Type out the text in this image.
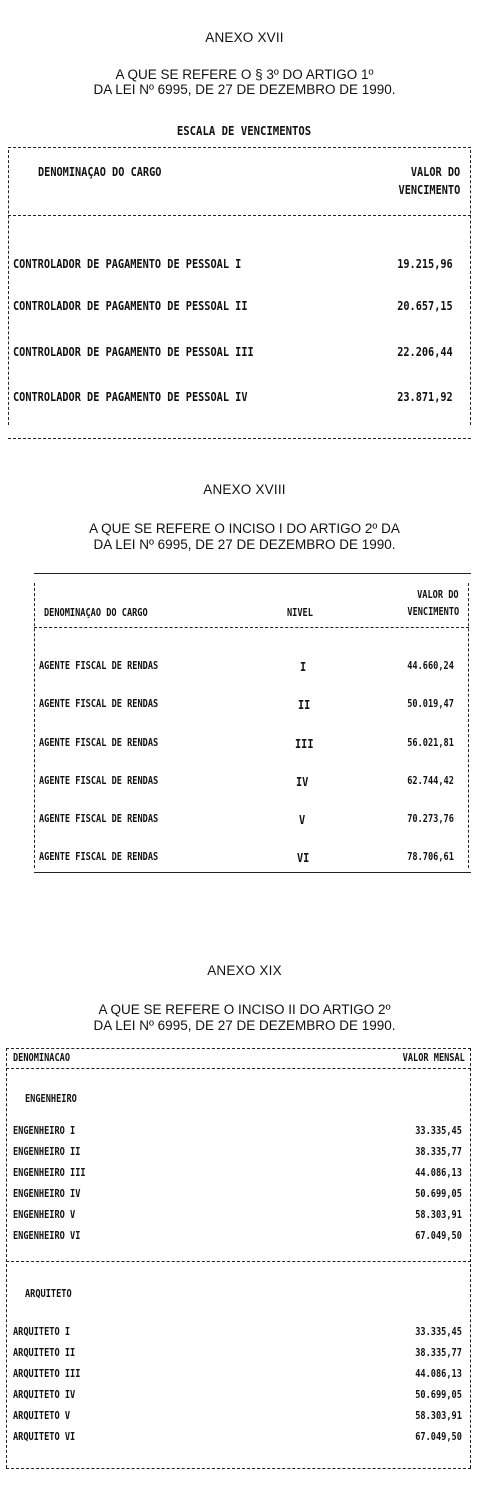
ANEXO XVII
A QUE SE REFERE O § 3º DO ARTIGO 1º
DA LEI Nº 6995, DE 27 DE DEZEMBRO DE 1990.
ESCALA DE VENCIMENTOS
DENOMINAÇAO DO CARGO	VALOR DO
VENCIMENTO
CONTROLADOR DE PAGAMENTO DE PESSOAL I	19.215,96
CONTROLADOR DE PAGAMENTO DE PESSOAL II	20.657,15
CONTROLADOR DE PAGAMENTO DE PESSOAL III	22.206,44
CONTROLADOR DE PAGAMENTO DE PESSOAL IV	23.871,92
ANEXO XVIII
A QUE SE REFERE O INCISO I DO ARTIGO 2º DA
DA LEI Nº 6995, DE 27 DE DEZEMBRO DE 1990.
DENOMINAÇAO DO CARGO	NIVEL
VALOR DO
VENCIMENTO
AGENTE FISCAL DE RENDAS	I	44.660,24
AGENTE FISCAL DE RENDAS	II	50.019,47
AGENTE FISCAL DE RENDAS	III	56.021,81
AGENTE FISCAL DE RENDAS	IV	62.744,42
AGENTE FISCAL DE RENDAS	V	70.273,76
AGENTE FISCAL DE RENDAS	VI	78.706,61
ANEXO XIX
A QUE SE REFERE O INCISO II DO ARTIGO 2º
DA LEI Nº 6995, DE 27 DE DEZEMBRO DE 1990.
DENOMINACAO	VALOR MENSAL
ENGENHEIRO
ENGENHEIRO I	33.335,45
ENGENHEIRO II	38.335,77
ENGENHEIRO III	44.086,13
ENGENHEIRO IV	50.699,05
ENGENHEIRO V	58.303,91
ENGENHEIRO VI	67.049,50
ARQUITETO
ARQUITETO I	33.335,45
ARQUITETO II	38.335,77
ARQUITETO III	44.086,13
ARQUITETO IV	50.699,05
ARQUITETO V	58.303,91
ARQUITETO VI	67.049,50
